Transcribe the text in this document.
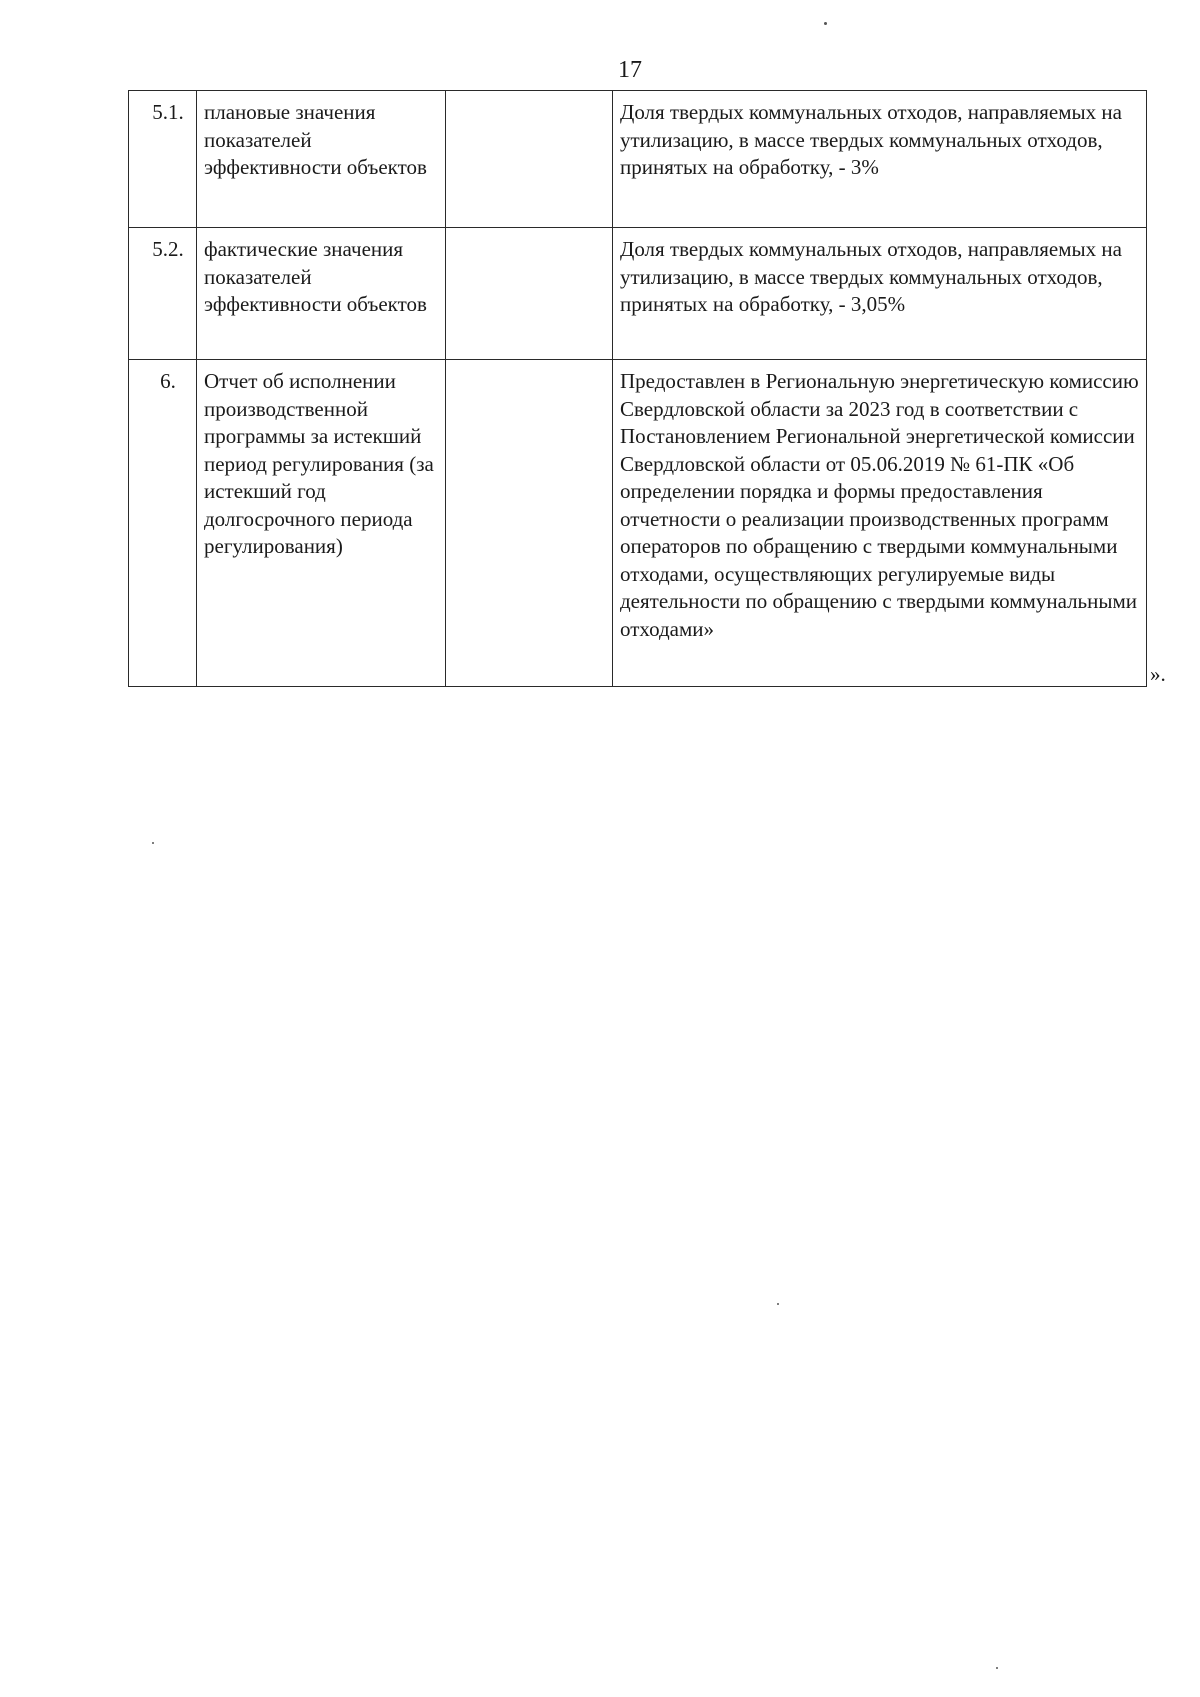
17
5.1.	плановые значения показателей эффективности объектов		Доля твердых коммунальных отходов, направляемых на утилизацию, в массе твердых коммунальных отходов, принятых на обработку, - 3%
5.2.	фактические значения показателей эффективности объектов		Доля твердых коммунальных отходов, направляемых на утилизацию, в массе твердых коммунальных отходов, принятых на обработку, - 3,05%
6.	Отчет об исполнении производственной программы за истекший период регулирования (за истекший год долгосрочного периода регулирования)		Предоставлен в Региональную энергетическую комиссию Свердловской области за 2023 год в соответствии с Постановлением Региональной энергетической комиссии Свердловской области от 05.06.2019 № 61-ПК «Об определении порядка и формы предоставления отчетности о реализации производственных программ операторов по обращению с твердыми коммунальными отходами, осуществляющих регулируемые виды деятельности по обращению с твердыми коммунальными отходами»
».
